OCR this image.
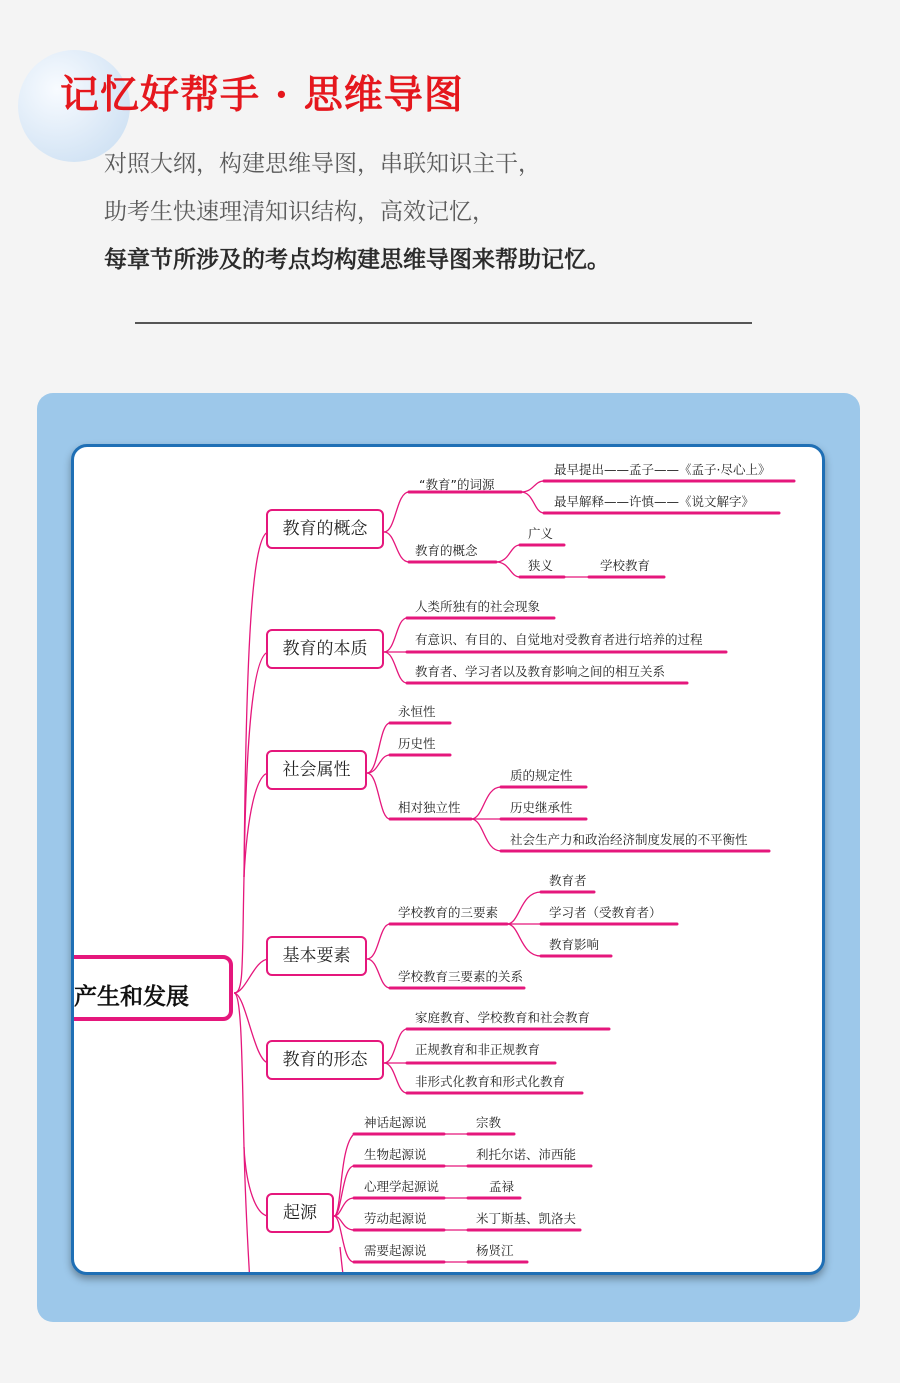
记忆好帮手 · 思维导图
对照大纲，构建思维导图，串联知识主干，
助考生快速理清知识结构，高效记忆，
每章节所涉及的考点均构建思维导图来帮助记忆。
产生和发展
教育的概念
教育的本质
社会属性
基本要素
教育的形态
起源
“教育”的词源
最早提出——孟子——《孟子·尽心上》
最早解释——许慎——《说文解字》
教育的概念
广义
狭义	学校教育
人类所独有的社会现象
有意识、有目的、自觉地对受教育者进行培养的过程
教育者、学习者以及教育影响之间的相互关系
永恒性
历史性
相对独立性
质的规定性
历史继承性
社会生产力和政治经济制度发展的不平衡性
学校教育的三要素
教育者
学习者（受教育者）
教育影响
学校教育三要素的关系
家庭教育、学校教育和社会教育
正规教育和非正规教育
非形式化教育和形式化教育
神话起源说	宗教
生物起源说	利托尔诺、沛西能
心理学起源说	孟禄
劳动起源说	米丁斯基、凯洛夫
需要起源说	杨贤江
